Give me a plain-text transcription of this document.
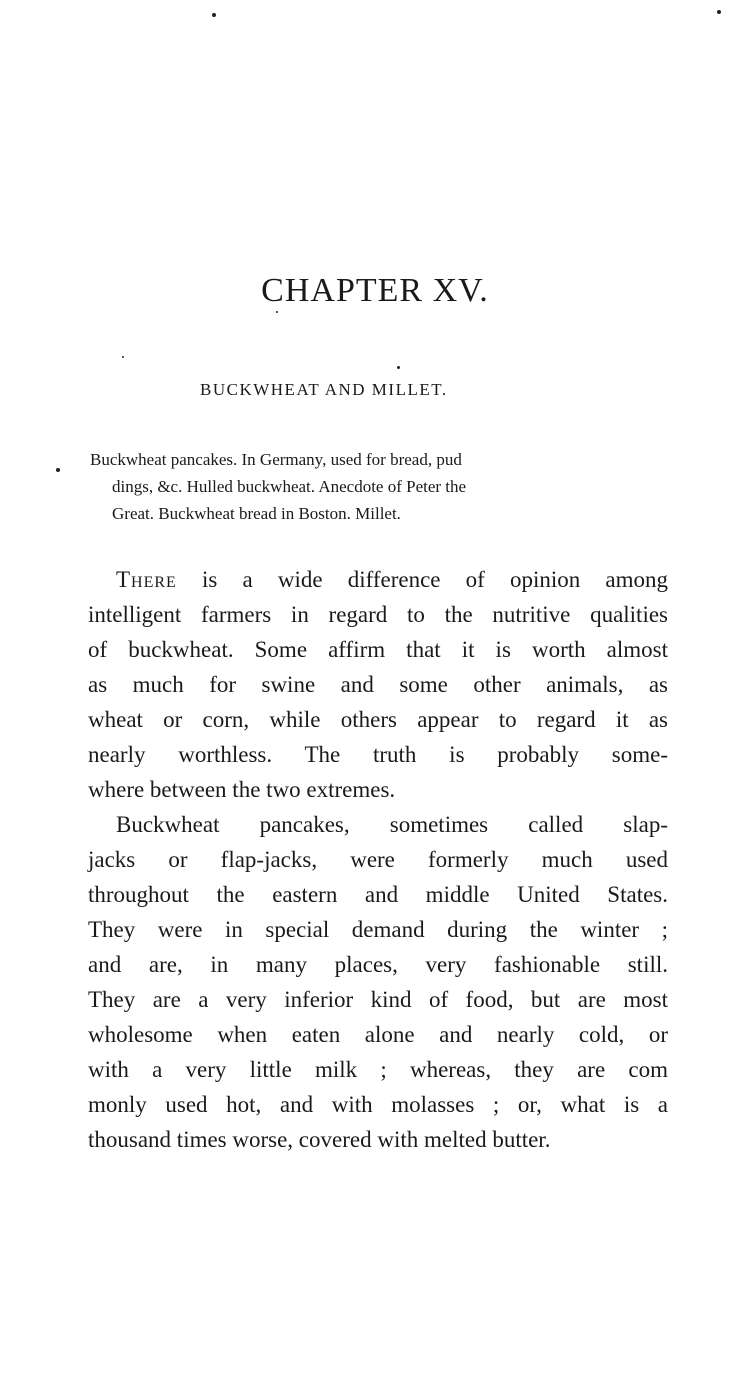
CHAPTER XV.
BUCKWHEAT AND MILLET.
Buckwheat pancakes. In Germany, used for bread, pud
dings, &c. Hulled buckwheat. Anecdote of Peter the
Great. Buckwheat bread in Boston. Millet.
There is a wide difference of opinion among
intelligent farmers in regard to the nutritive qualities
of buckwheat. Some affirm that it is worth almost
as much for swine and some other animals, as
wheat or corn, while others appear to regard it as
nearly worthless. The truth is probably some-
where between the two extremes.
Buckwheat pancakes, sometimes called slap-
jacks or flap-jacks, were formerly much used
throughout the eastern and middle United States.
They were in special demand during the winter ;
and are, in many places, very fashionable still.
They are a very inferior kind of food, but are most
wholesome when eaten alone and nearly cold, or
with a very little milk ; whereas, they are com
monly used hot, and with molasses ; or, what is a
thousand times worse, covered with melted butter.
